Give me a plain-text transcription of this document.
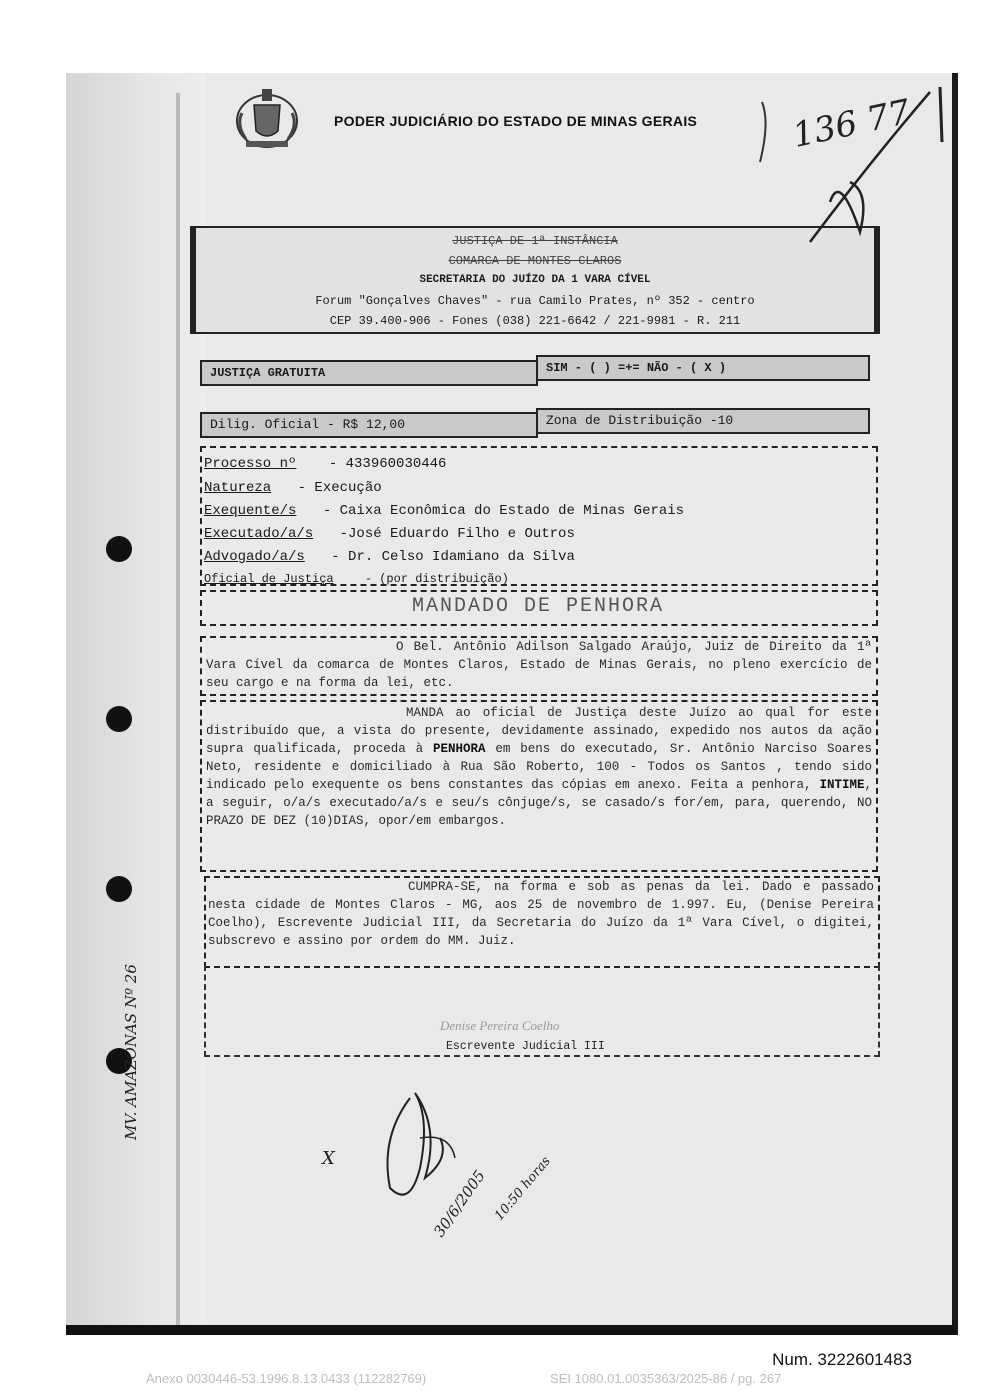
PODER JUDICIÁRIO DO ESTADO DE MINAS GERAIS
JUSTIÇA DE 1ª INSTÂNCIA
COMARCA DE MONTES CLAROS
SECRETARIA DO JUÍZO DA 1 VARA CÍVEL
Forum "Gonçalves Chaves" - rua Camilo Prates, nº 352 - centro
CEP 39.400-906 - Fones (038) 221-6642 / 221-9981 - R. 211
JUSTIÇA GRATUITA	SIM - ( ) =+= NÃO - ( X )
Dilig. Oficial - R$ 12,00	Zona de Distribuição -10
Processo nº - 433960030446
Natureza - Execução
Exequente/s - Caixa Econômica do Estado de Minas Gerais
Executado/a/s -José Eduardo Filho e Outros
Advogado/a/s - Dr. Celso Idamiano da Silva
Oficial de Justiça	- (por distribuição)
MANDADO DE PENHORA
O Bel. Antônio Adilson Salgado Araújo, Juiz de Direito da 1ª Vara Cível da comarca de Montes Claros, Estado de Minas Gerais, no pleno exercício de seu cargo e na forma da lei, etc.
MANDA ao oficial de Justiça deste Juízo ao qual for este distribuído que, a vista do presente, devidamente assinado, expedido nos autos da ação supra qualificada, proceda à PENHORA em bens do executado, Sr. Antônio Narciso Soares Neto, residente e domiciliado à Rua São Roberto, 100 - Todos os Santos , tendo sido indicado pelo exequente os bens constantes das cópias em anexo. Feita a penhora, INTIME, a seguir, o/a/s executado/a/s e seu/s cônjuge/s, se casado/s for/em, para, querendo, NO PRAZO DE DEZ (10)DIAS, opor/em embargos.
CUMPRA-SE, na forma e sob as penas da lei. Dado e passado nesta cidade de Montes Claros - MG, aos 25 de novembro de 1.997. Eu, (Denise Pereira Coelho), Escrevente Judicial III, da Secretaria do Juízo da 1ª Vara Cível, o digitei, subscrevo e assino por ordem do MM. Juiz.
Denise Pereira Coelho
Escrevente Judicial III
136 77
MV. AMAZONAS Nº 26
X
30/6/2005 10:50 horas
Num. 3222601483
Anexo 0030446-53.1996.8.13.0433 (112282769)	SEI 1080.01.0035363/2025-86 / pg. 267
